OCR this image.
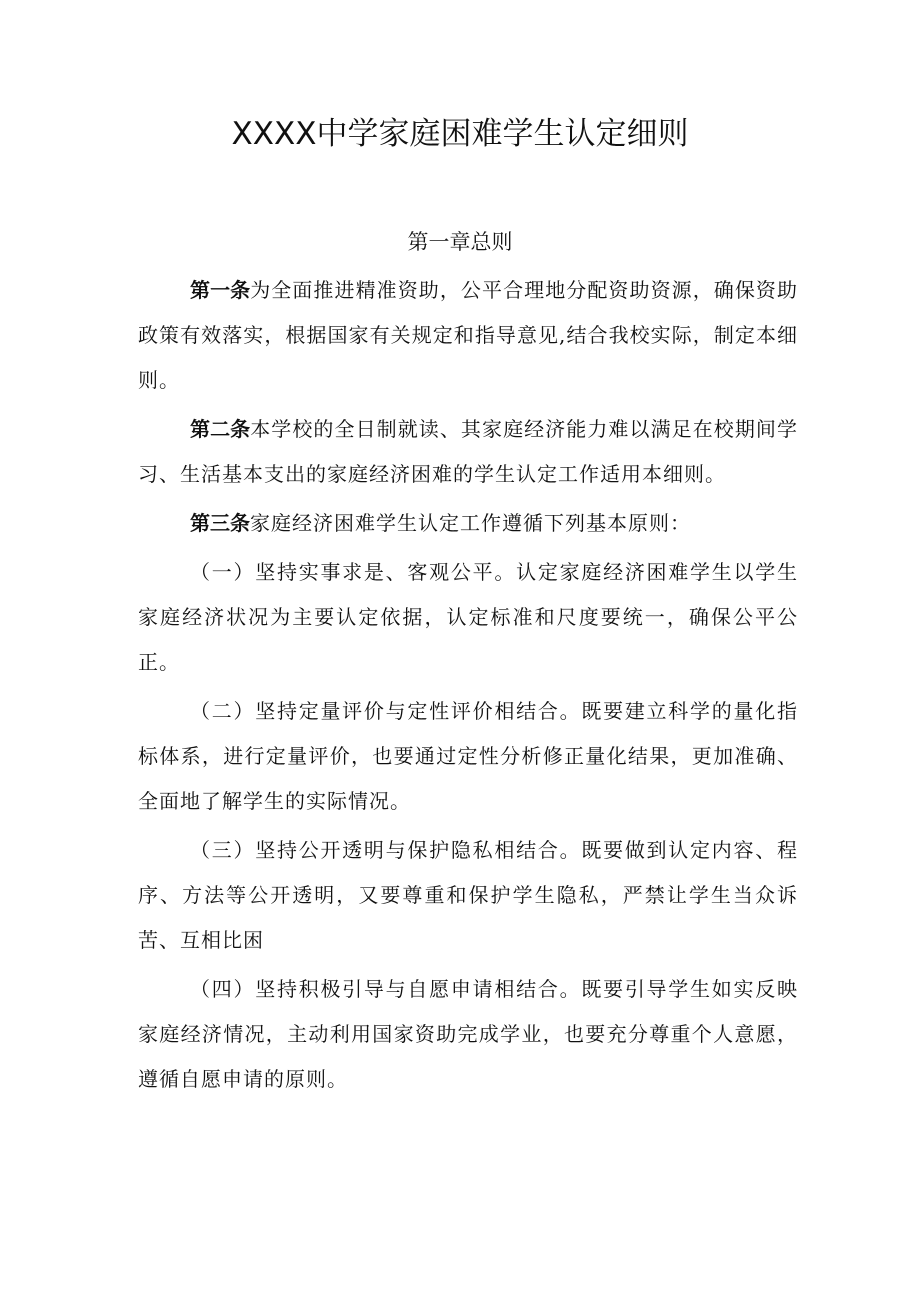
XXXX中学家庭困难学生认定细则
第一章总则

第一条为全面推进精准资助，公平合理地分配资助资源，确保资助政策有效落实，根据国家有关规定和指导意见,结合我校实际，制定本细则。

第二条本学校的全日制就读、其家庭经济能力难以满足在校期间学习、生活基本支出的家庭经济困难的学生认定工作适用本细则。

第三条家庭经济困难学生认定工作遵循下列基本原则：

（一）坚持实事求是、客观公平。认定家庭经济困难学生以学生家庭经济状况为主要认定依据，认定标准和尺度要统一，确保公平公正。

（二）坚持定量评价与定性评价相结合。既要建立科学的量化指标体系，进行定量评价，也要通过定性分析修正量化结果，更加准确、全面地了解学生的实际情况。

（三）坚持公开透明与保护隐私相结合。既要做到认定内容、程序、方法等公开透明，又要尊重和保护学生隐私，严禁让学生当众诉苦、互相比困

（四）坚持积极引导与自愿申请相结合。既要引导学生如实反映家庭经济情况，主动利用国家资助完成学业，也要充分尊重个人意愿，遵循自愿申请的原则。
